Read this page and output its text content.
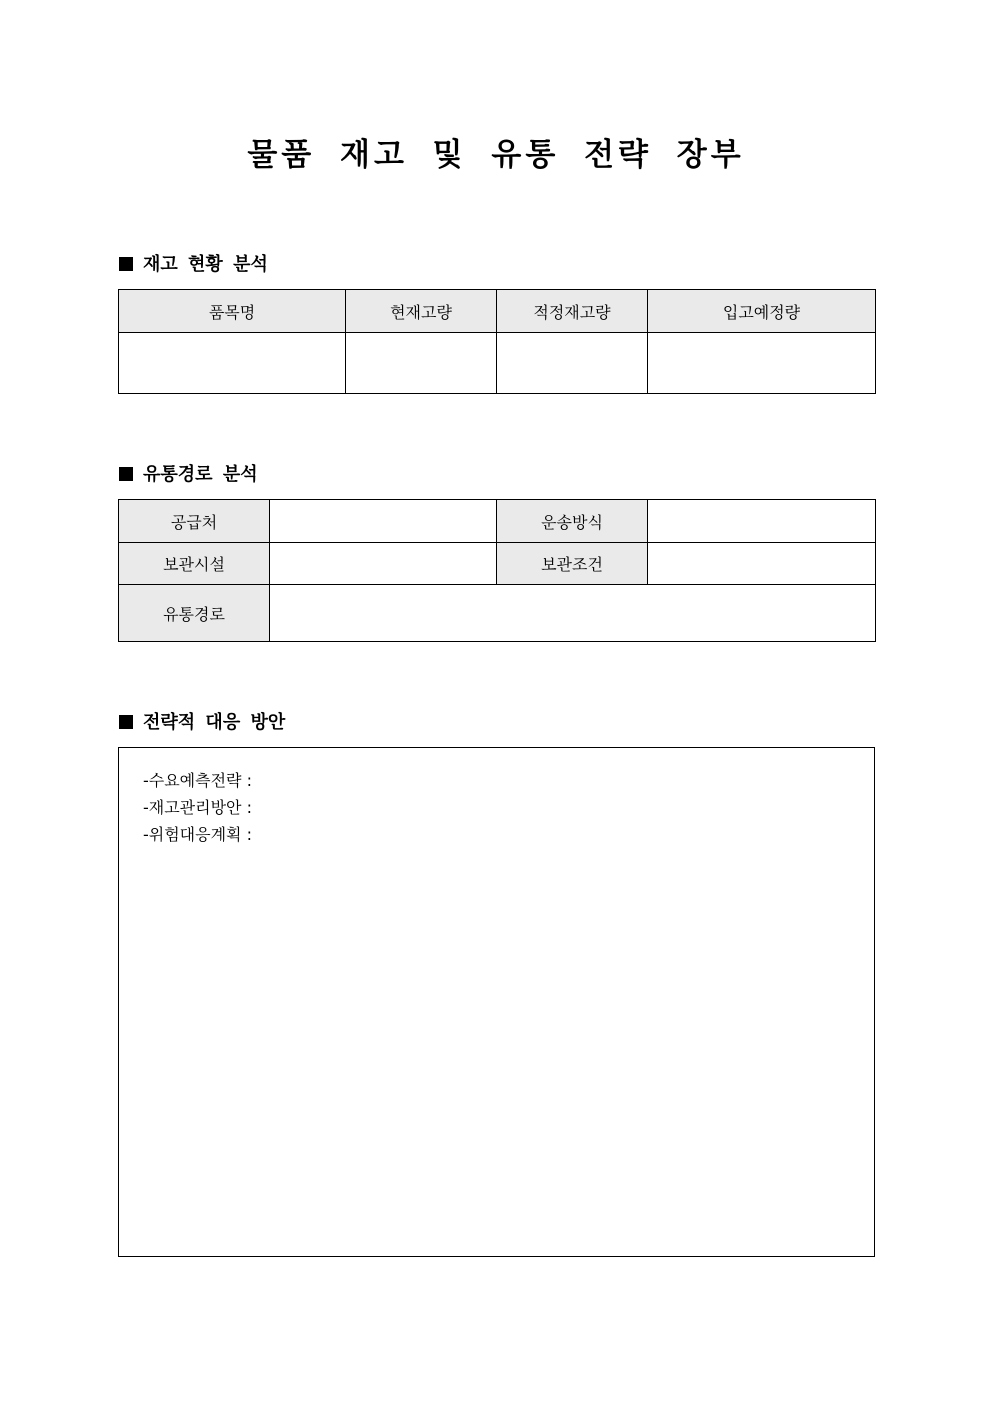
물품 재고 및 유통 전략 장부
재고 현황 분석
품목명	현재고량	적정재고량	입고예정량

유통경로 분석
공급처		운송방식	
보관시설		보관조건	
유통경로			
전략적 대응 방안
-수요예측전략 :
-재고관리방안 :
-위험대응계획 :
